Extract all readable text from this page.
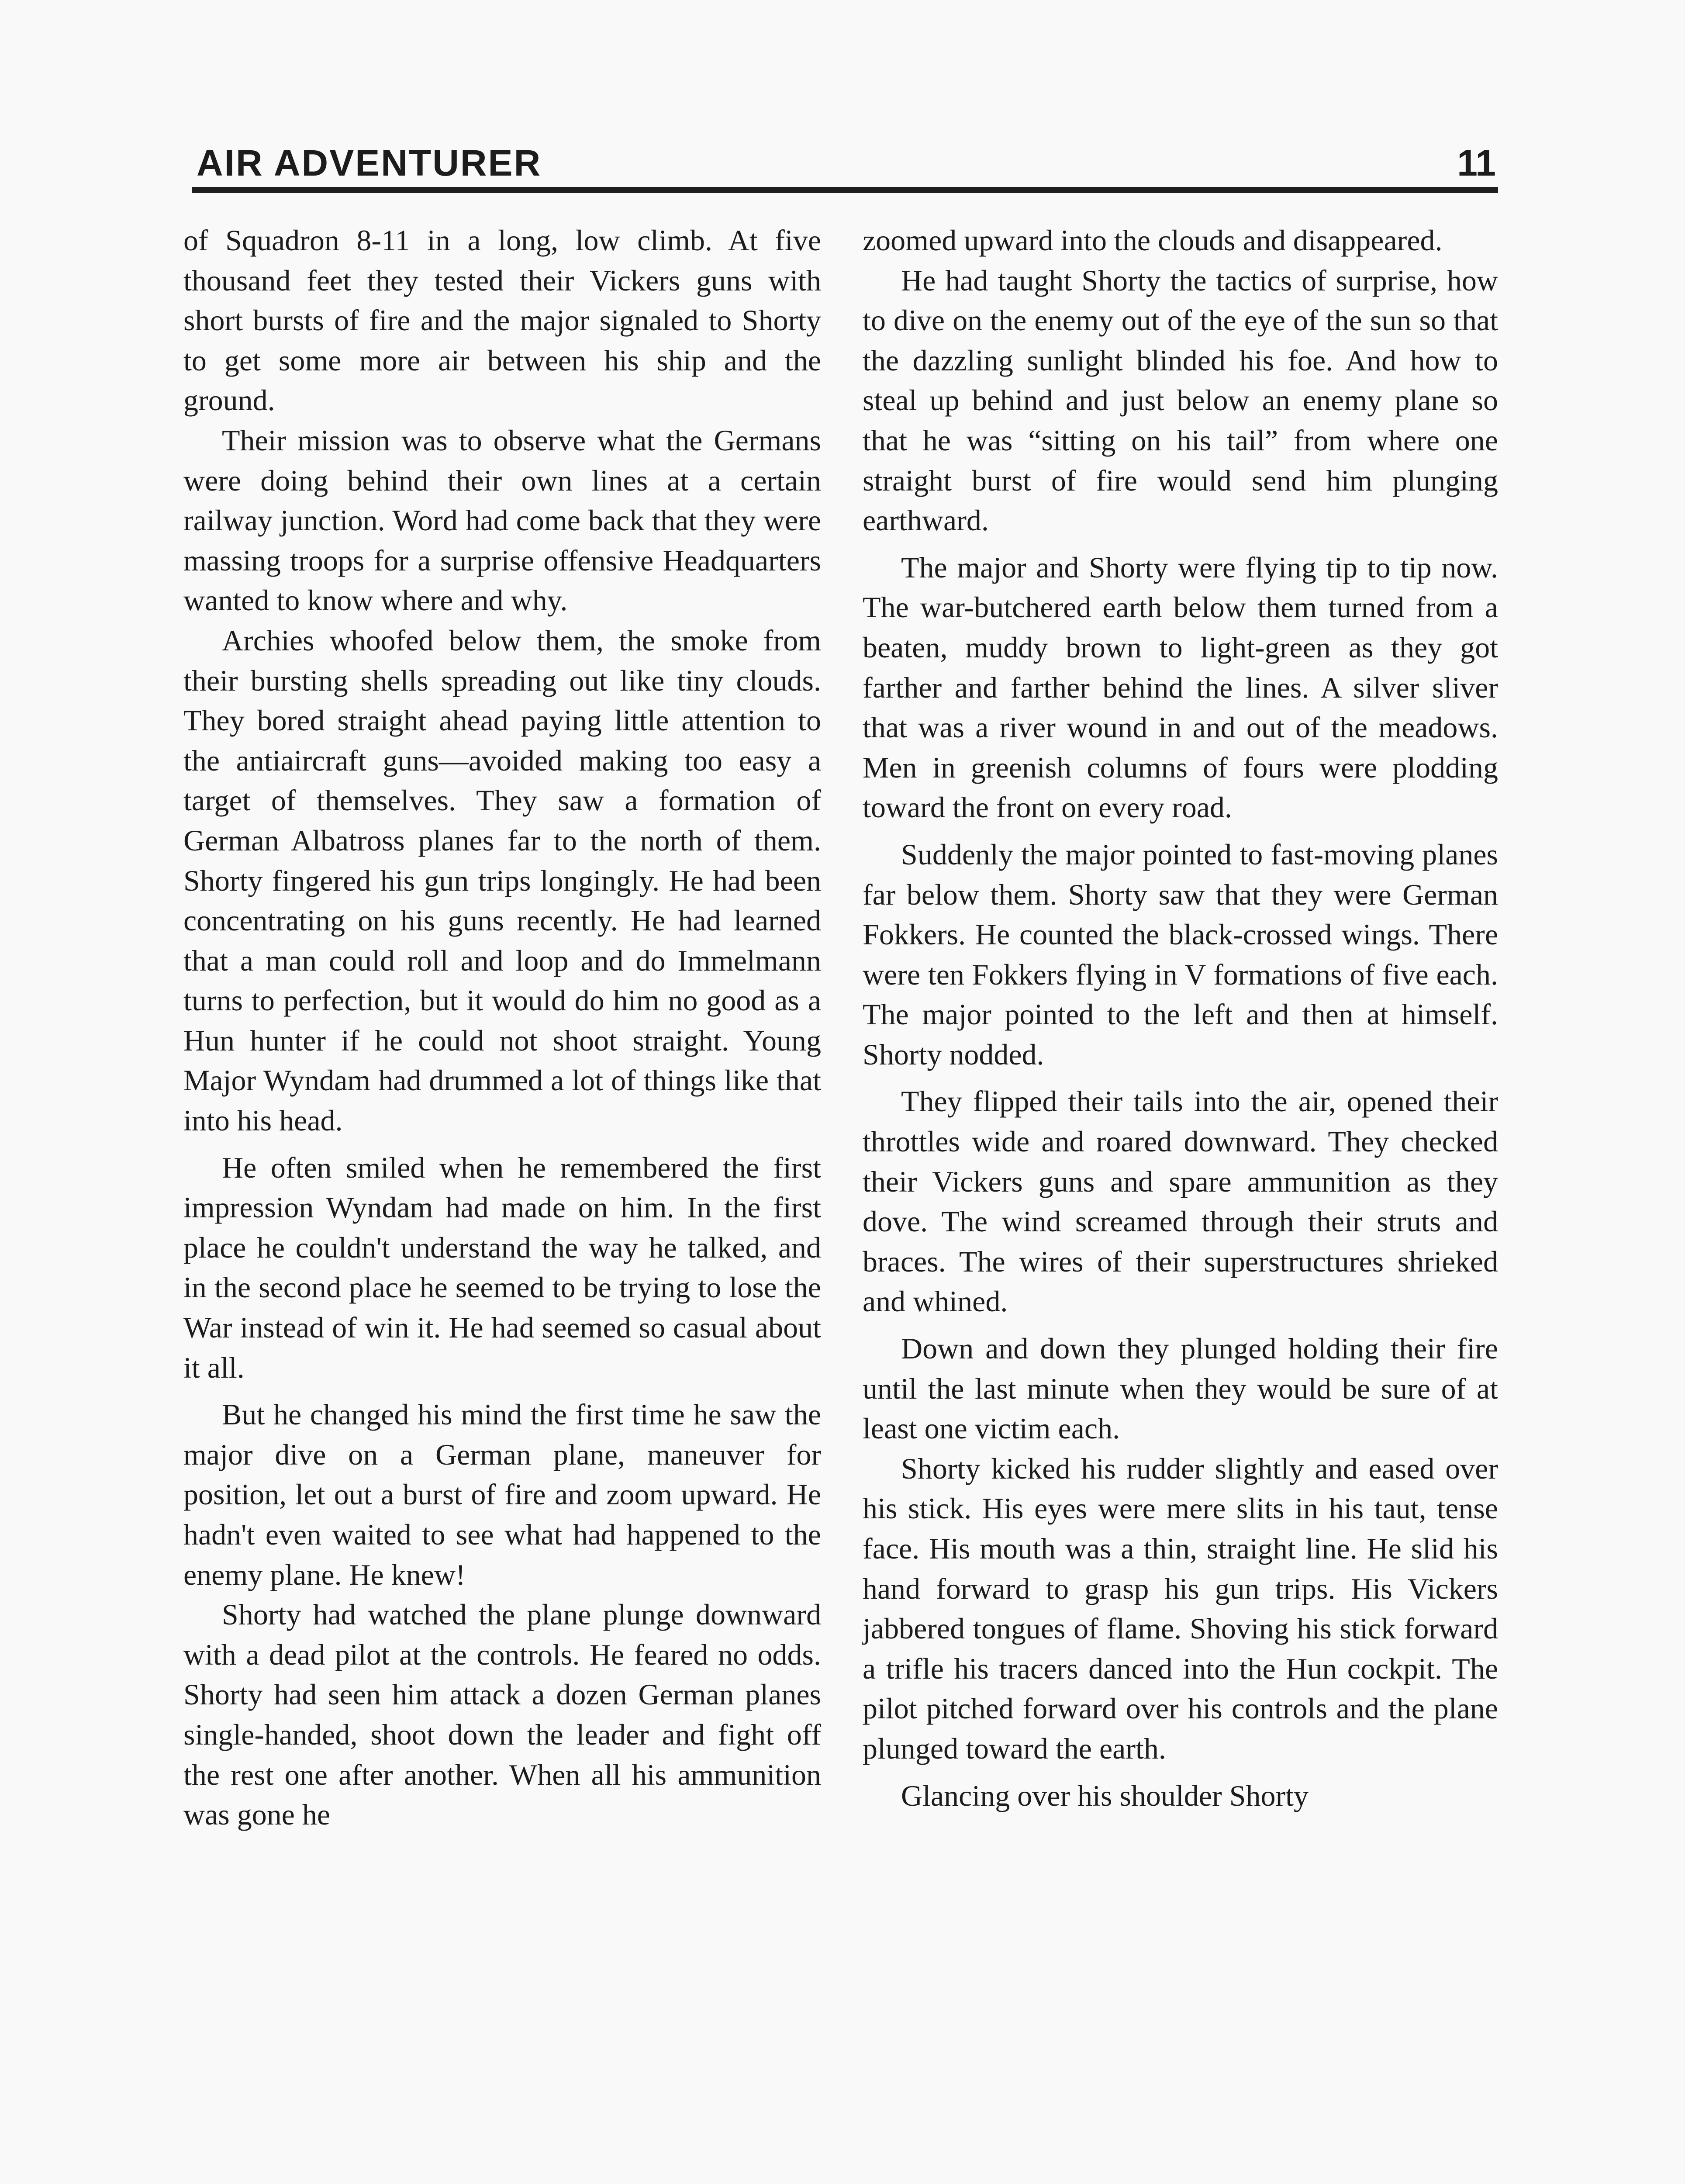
AIR ADVENTURER	11

of Squadron 8-11 in a long, low climb. At five thousand feet they tested their Vickers guns with short bursts of fire and the major signaled to Shorty to get some more air between his ship and the ground.

Their mission was to observe what the Germans were doing behind their own lines at a certain railway junction. Word had come back that they were massing troops for a surprise offensive Headquarters wanted to know where and why.

Archies whoofed below them, the smoke from their bursting shells spreading out like tiny clouds. They bored straight ahead paying little attention to the antiaircraft guns—avoided making too easy a target of themselves. They saw a formation of German Albatross planes far to the north of them. Shorty fingered his gun trips longingly. He had been concentrating on his guns recently. He had learned that a man could roll and loop and do Immelmann turns to perfection, but it would do him no good as a Hun hunter if he could not shoot straight. Young Major Wyndam had drummed a lot of things like that into his head.

He often smiled when he remembered the first impression Wyndam had made on him. In the first place he couldn't understand the way he talked, and in the second place he seemed to be trying to lose the War instead of win it. He had seemed so casual about it all.

But he changed his mind the first time he saw the major dive on a German plane, maneuver for position, let out a burst of fire and zoom upward. He hadn't even waited to see what had happened to the enemy plane. He knew!

Shorty had watched the plane plunge downward with a dead pilot at the controls. He feared no odds. Shorty had seen him attack a dozen German planes single-handed, shoot down the leader and fight off the rest one after another. When all his ammunition was gone he

zoomed upward into the clouds and disappeared.

He had taught Shorty the tactics of surprise, how to dive on the enemy out of the eye of the sun so that the dazzling sunlight blinded his foe. And how to steal up behind and just below an enemy plane so that he was “sitting on his tail” from where one straight burst of fire would send him plunging earthward.

The major and Shorty were flying tip to tip now. The war-butchered earth below them turned from a beaten, muddy brown to light-green as they got farther and farther behind the lines. A silver sliver that was a river wound in and out of the meadows. Men in greenish columns of fours were plodding toward the front on every road.

Suddenly the major pointed to fast-moving planes far below them. Shorty saw that they were German Fokkers. He counted the black-crossed wings. There were ten Fokkers flying in V formations of five each. The major pointed to the left and then at himself. Shorty nodded.

They flipped their tails into the air, opened their throttles wide and roared downward. They checked their Vickers guns and spare ammunition as they dove. The wind screamed through their struts and braces. The wires of their superstructures shrieked and whined.

Down and down they plunged holding their fire until the last minute when they would be sure of at least one victim each.

Shorty kicked his rudder slightly and eased over his stick. His eyes were mere slits in his taut, tense face. His mouth was a thin, straight line. He slid his hand forward to grasp his gun trips. His Vickers jabbered tongues of flame. Shoving his stick forward a trifle his tracers danced into the Hun cockpit. The pilot pitched forward over his controls and the plane plunged toward the earth.

Glancing over his shoulder Shorty
